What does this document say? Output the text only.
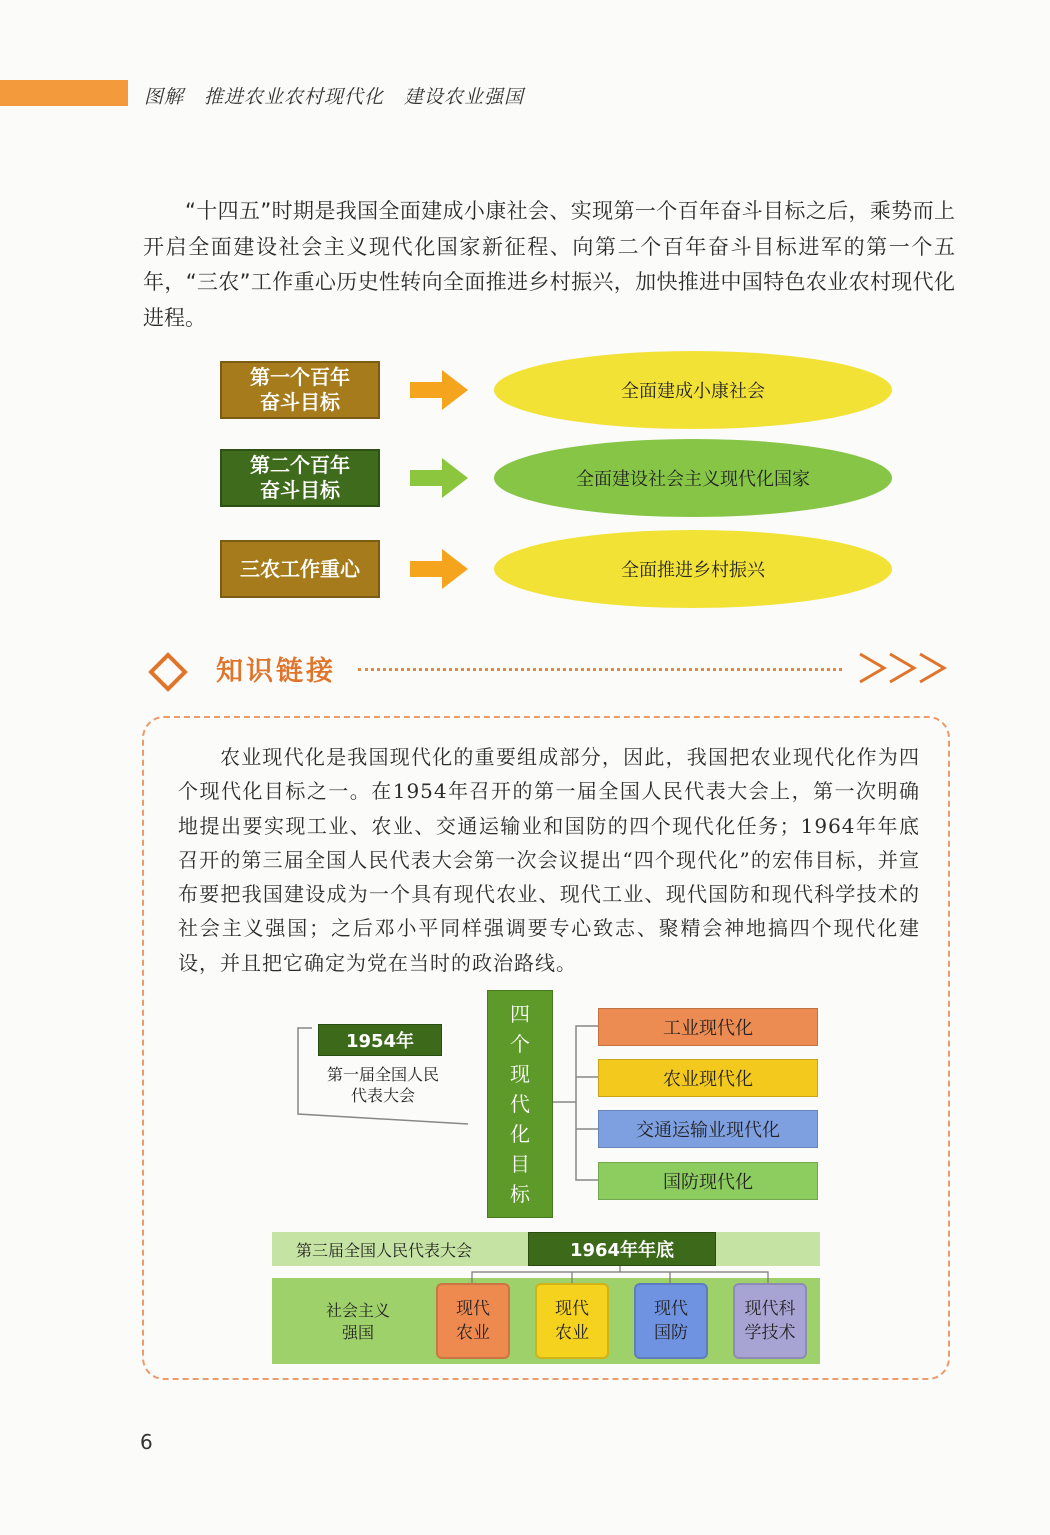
图解　推进农业农村现代化　建设农业强国
“十四五”时期是我国全面建成小康社会、实现第一个百年奋斗目标之后，乘势而上开启全面建设社会主义现代化国家新征程、向第二个百年奋斗目标进军的第一个五年，“三农”工作重心历史性转向全面推进乡村振兴，加快推进中国特色农业农村现代化进程。
第一个百年
奋斗目标	全面建成小康社会
第二个百年
奋斗目标	全面建设社会主义现代化国家
三农工作重心	全面推进乡村振兴
知识链接
农业现代化是我国现代化的重要组成部分，因此，我国把农业现代化作为四个现代化目标之一。在1954年召开的第一届全国人民代表大会上，第一次明确地提出要实现工业、农业、交通运输业和国防的四个现代化任务；1964年年底召开的第三届全国人民代表大会第一次会议提出“四个现代化”的宏伟目标，并宣布要把我国建设成为一个具有现代农业、现代工业、现代国防和现代科学技术的社会主义强国；之后邓小平同样强调要专心致志、聚精会神地搞四个现代化建设，并且把它确定为党在当时的政治路线。
1954年
第一届全国人民
代表大会
四
个
现
代
化
目
标
工业现代化
农业现代化
交通运输业现代化
国防现代化
第三届全国人民代表大会	1964年年底
社会主义
强国
现代
农业
现代
农业
现代
国防
现代科
学技术
6
